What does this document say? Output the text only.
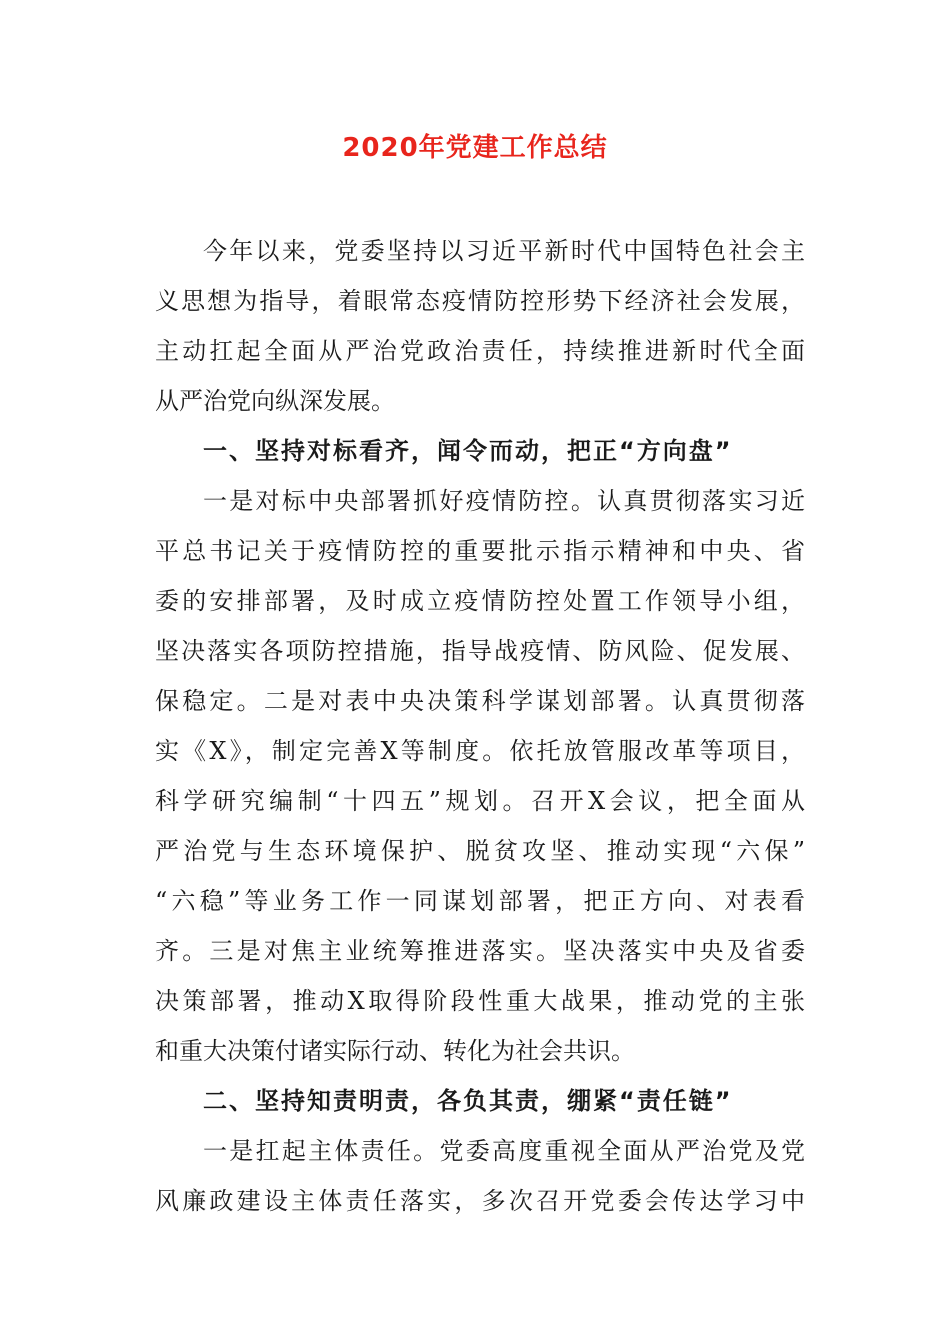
2020年党建工作总结
今年以来，党委坚持以习近平新时代中国特色社会主
义思想为指导，着眼常态疫情防控形势下经济社会发展，
主动扛起全面从严治党政治责任，持续推进新时代全面
从严治党向纵深发展。
一、坚持对标看齐，闻令而动，把正“方向盘”
一是对标中央部署抓好疫情防控。认真贯彻落实习近
平总书记关于疫情防控的重要批示指示精神和中央、省
委的安排部署，及时成立疫情防控处置工作领导小组，
坚决落实各项防控措施，指导战疫情、防风险、促发展、
保稳定。二是对表中央决策科学谋划部署。认真贯彻落
实《X》，制定完善X等制度。依托放管服改革等项目，
科学研究编制“十四五”规划。召开X会议，把全面从
严治党与生态环境保护、脱贫攻坚、推动实现“六保”
“六稳”等业务工作一同谋划部署，把正方向、对表看
齐。三是对焦主业统筹推进落实。坚决落实中央及省委
决策部署，推动X取得阶段性重大战果，推动党的主张
和重大决策付诸实际行动、转化为社会共识。
二、坚持知责明责，各负其责，绷紧“责任链”
一是扛起主体责任。党委高度重视全面从严治党及党
风廉政建设主体责任落实，多次召开党委会传达学习中
